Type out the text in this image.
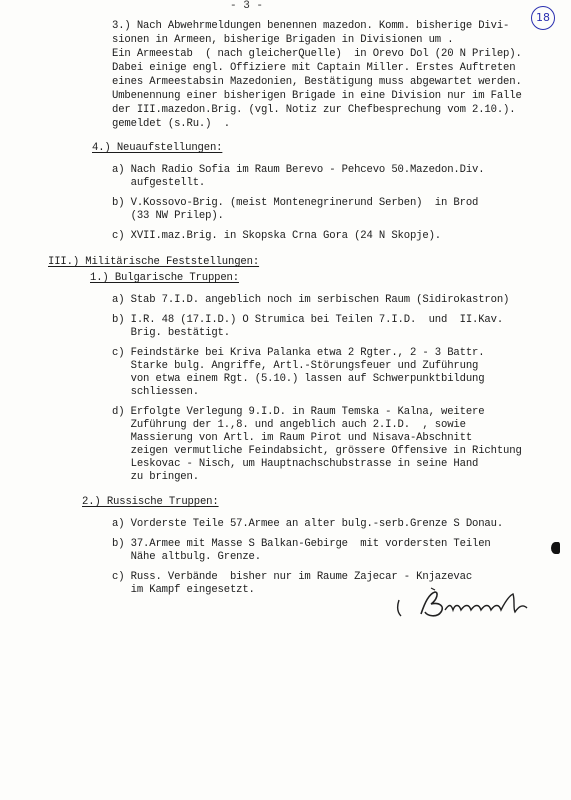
- 3 -
18
3.) Nach Abwehrmeldungen benennen mazedon. Komm. bisherige Divi-
sionen in Armeen, bisherige Brigaden in Divisionen um .
Ein Armeestab  ( nach gleicherQuelle)  in Orevo Dol (20 N Prilep).
Dabei einige engl. Offiziere mit Captain Miller. Erstes Auftreten
eines Armeestabsin Mazedonien, Bestätigung muss abgewartet werden.
Umbenennung einer bisherigen Brigade in eine Division nur im Falle
der III.mazedon.Brig. (vgl. Notiz zur Chefbesprechung vom 2.10.).
gemeldet (s.Ru.)  .
4.) Neuaufstellungen:
a) Nach Radio Sofia im Raum Berevo - Pehcevo 50.Mazedon.Div.
aufgestellt.
b) V.Kossovo-Brig. (meist Montenegrinerund Serben)  in Brod
(33 NW Prilep).
c) XVII.maz.Brig. in Skopska Crna Gora (24 N Skopje).
III.) Militärische Feststellungen:
1.) Bulgarische Truppen:
a) Stab 7.I.D. angeblich noch im serbischen Raum (Sidirokastron)
b) I.R. 48 (17.I.D.) O Strumica bei Teilen 7.I.D.  und  II.Kav.
Brig. bestätigt.
c) Feindstärke bei Kriva Palanka etwa 2 Rgter., 2 - 3 Battr.
Starke bulg. Angriffe, Artl.-Störungsfeuer und Zuführung
von etwa einem Rgt. (5.10.) lassen auf Schwerpunktbildung
schliessen.
d) Erfolgte Verlegung 9.I.D. in Raum Temska - Kalna, weitere
Zuführung der 1.,8. und angeblich auch 2.I.D.  , sowie
Massierung von Artl. im Raum Pirot und Nisava-Abschnitt
zeigen vermutliche Feindabsicht, grössere Offensive in Richtung
Leskovac - Nisch, um Hauptnachschubstrasse in seine Hand
zu bringen.
2.) Russische Truppen:
a) Vorderste Teile 57.Armee an alter bulg.-serb.Grenze S Donau.
b) 37.Armee mit Masse S Balkan-Gebirge  mit vordersten Teilen
Nähe altbulg. Grenze.
c) Russ. Verbände  bisher nur im Raume Zajecar - Knjazevac
im Kampf eingesetzt.
